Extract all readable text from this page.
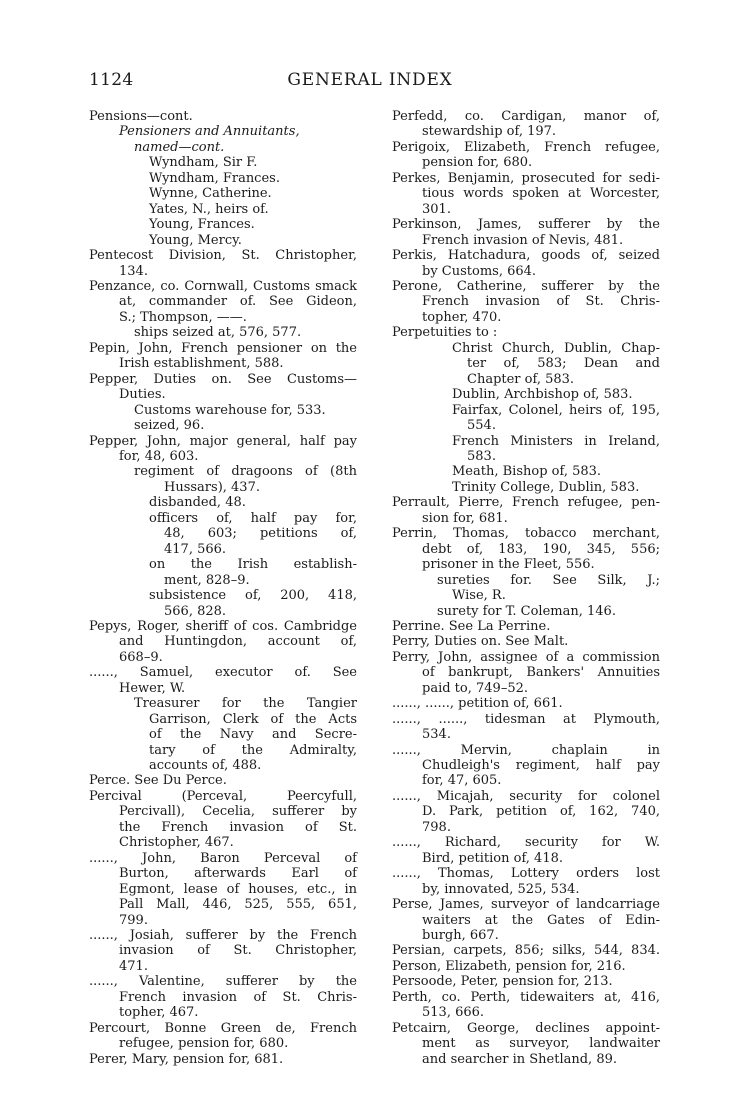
1124	GENERAL INDEX
Pensions—cont.
Pensioners and Annuitants,
named—cont.
Wyndham, Sir F.
Wyndham, Frances.
Wynne, Catherine.
Yates, N., heirs of.
Young, Frances.
Young, Mercy.
Pentecost Division, St. Christopher,
134.
Penzance, co. Cornwall, Customs smack
at, commander of. See Gideon,
S.; Thompson, ——.
ships seized at, 576, 577.
Pepin, John, French pensioner on the
Irish establishment, 588.
Pepper, Duties on. See Customs—
Duties.
Customs warehouse for, 533.
seized, 96.
Pepper, John, major general, half pay
for, 48, 603.
regiment of dragoons of (8th
Hussars), 437.
disbanded, 48.
officers of, half pay for,
48, 603; petitions of,
417, 566.
on the Irish establish-
ment, 828–9.
subsistence of, 200, 418,
566, 828.
Pepys, Roger, sheriff of cos. Cambridge
and Huntingdon, account of,
668–9.
......, Samuel, executor of. See
Hewer, W.
Treasurer for the Tangier
Garrison, Clerk of the Acts
of the Navy and Secre-
tary of the Admiralty,
accounts of, 488.
Perce. See Du Perce.
Percival (Perceval, Peercyfull,
Percivall), Cecelia, sufferer by
the French invasion of St.
Christopher, 467.
......, John, Baron Perceval of
Burton, afterwards Earl of
Egmont, lease of houses, etc., in
Pall Mall, 446, 525, 555, 651,
799.
......, Josiah, sufferer by the French
invasion of St. Christopher,
471.
......, Valentine, sufferer by the
French invasion of St. Chris-
topher, 467.
Percourt, Bonne Green de, French
refugee, pension for, 680.
Perer, Mary, pension for, 681.
Perfedd, co. Cardigan, manor of,
stewardship of, 197.
Perigoix, Elizabeth, French refugee,
pension for, 680.
Perkes, Benjamin, prosecuted for sedi-
tious words spoken at Worcester,
301.
Perkinson, James, sufferer by the
French invasion of Nevis, 481.
Perkis, Hatchadura, goods of, seized
by Customs, 664.
Perone, Catherine, sufferer by the
French invasion of St. Chris-
topher, 470.
Perpetuities to :
Christ Church, Dublin, Chap-
ter of, 583; Dean and
Chapter of, 583.
Dublin, Archbishop of, 583.
Fairfax, Colonel, heirs of, 195,
554.
French Ministers in Ireland,
583.
Meath, Bishop of, 583.
Trinity College, Dublin, 583.
Perrault, Pierre, French refugee, pen-
sion for, 681.
Perrin, Thomas, tobacco merchant,
debt of, 183, 190, 345, 556;
prisoner in the Fleet, 556.
sureties for. See Silk, J.;
Wise, R.
surety for T. Coleman, 146.
Perrine. See La Perrine.
Perry, Duties on. See Malt.
Perry, John, assignee of a commission
of bankrupt, Bankers' Annuities
paid to, 749–52.
......, ......, petition of, 661.
......, ......, tidesman at Plymouth,
534.
......, Mervin, chaplain in
Chudleigh's regiment, half pay
for, 47, 605.
......, Micajah, security for colonel
D. Park, petition of, 162, 740,
798.
......, Richard, security for W.
Bird, petition of, 418.
......, Thomas, Lottery orders lost
by, innovated, 525, 534.
Perse, James, surveyor of landcarriage
waiters at the Gates of Edin-
burgh, 667.
Persian, carpets, 856; silks, 544, 834.
Person, Elizabeth, pension for, 216.
Persoode, Peter, pension for, 213.
Perth, co. Perth, tidewaiters at, 416,
513, 666.
Petcairn, George, declines appoint-
ment as surveyor, landwaiter
and searcher in Shetland, 89.
